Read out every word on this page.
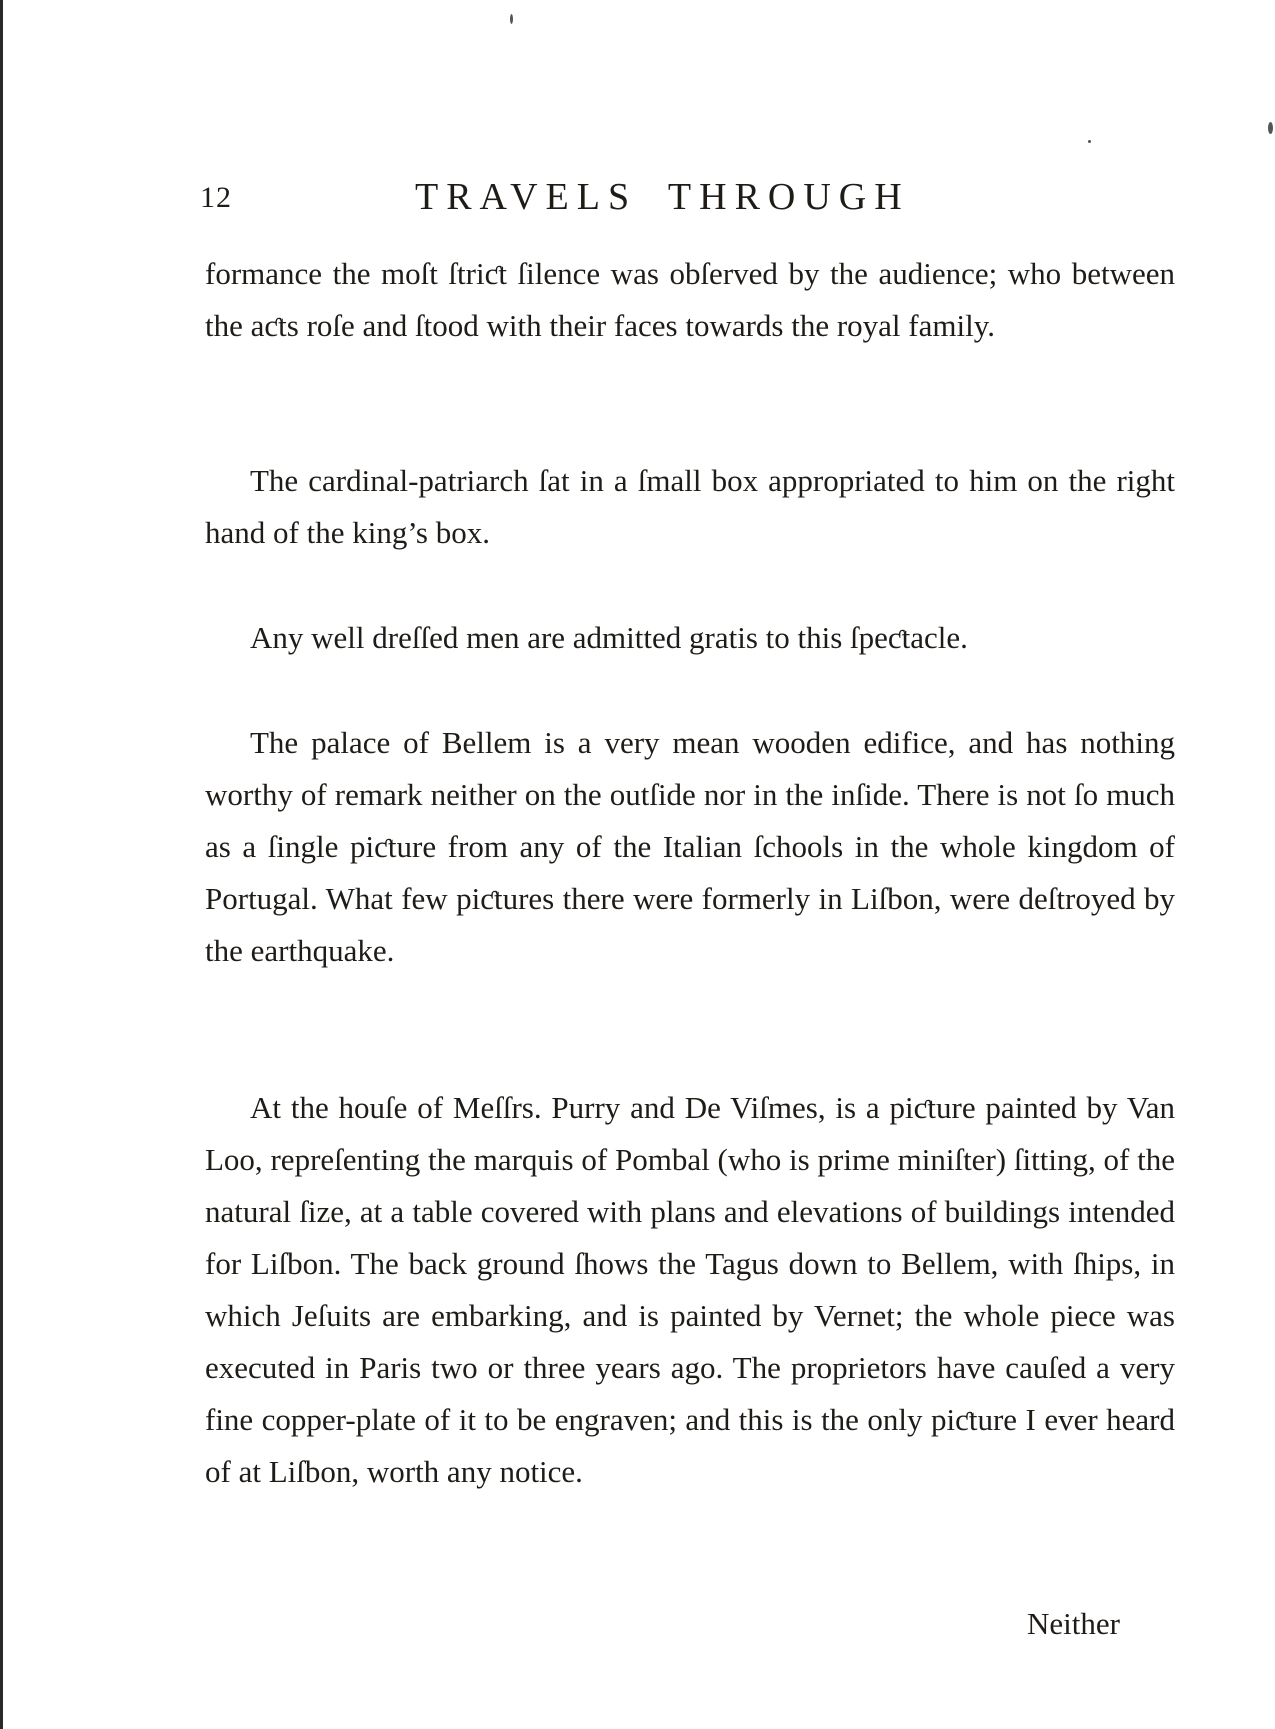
12	TRAVELS THROUGH

formance the moſt ſtriƈt ſilence was obſerved by the audience; who between the aƈts roſe and ſtood with their faces towards the royal family.

The cardinal-patriarch ſat in a ſmall box appropriated to him on the right hand of the king’s box.

Any well dreſſed men are admitted gratis to this ſpeƈtacle.

The palace of Bellem is a very mean wooden edifice, and has nothing worthy of remark neither on the outſide nor in the inſide. There is not ſo much as a ſingle piƈture from any of the Italian ſchools in the whole kingdom of Portugal. What few piƈtures there were formerly in Liſbon, were deſtroyed by the earthquake.

At the houſe of Meſſrs. Purry and De Viſmes, is a piƈture painted by Van Loo, repreſenting the marquis of Pombal (who is prime miniſter) ſitting, of the natural ſize, at a table covered with plans and elevations of buildings intended for Liſbon. The back ground ſhows the Tagus down to Bellem, with ſhips, in which Jeſuits are embarking, and is painted by Vernet; the whole piece was executed in Paris two or three years ago. The proprietors have cauſed a very fine copper-plate of it to be engraven; and this is the only piƈture I ever heard of at Liſbon, worth any notice.

Neither
